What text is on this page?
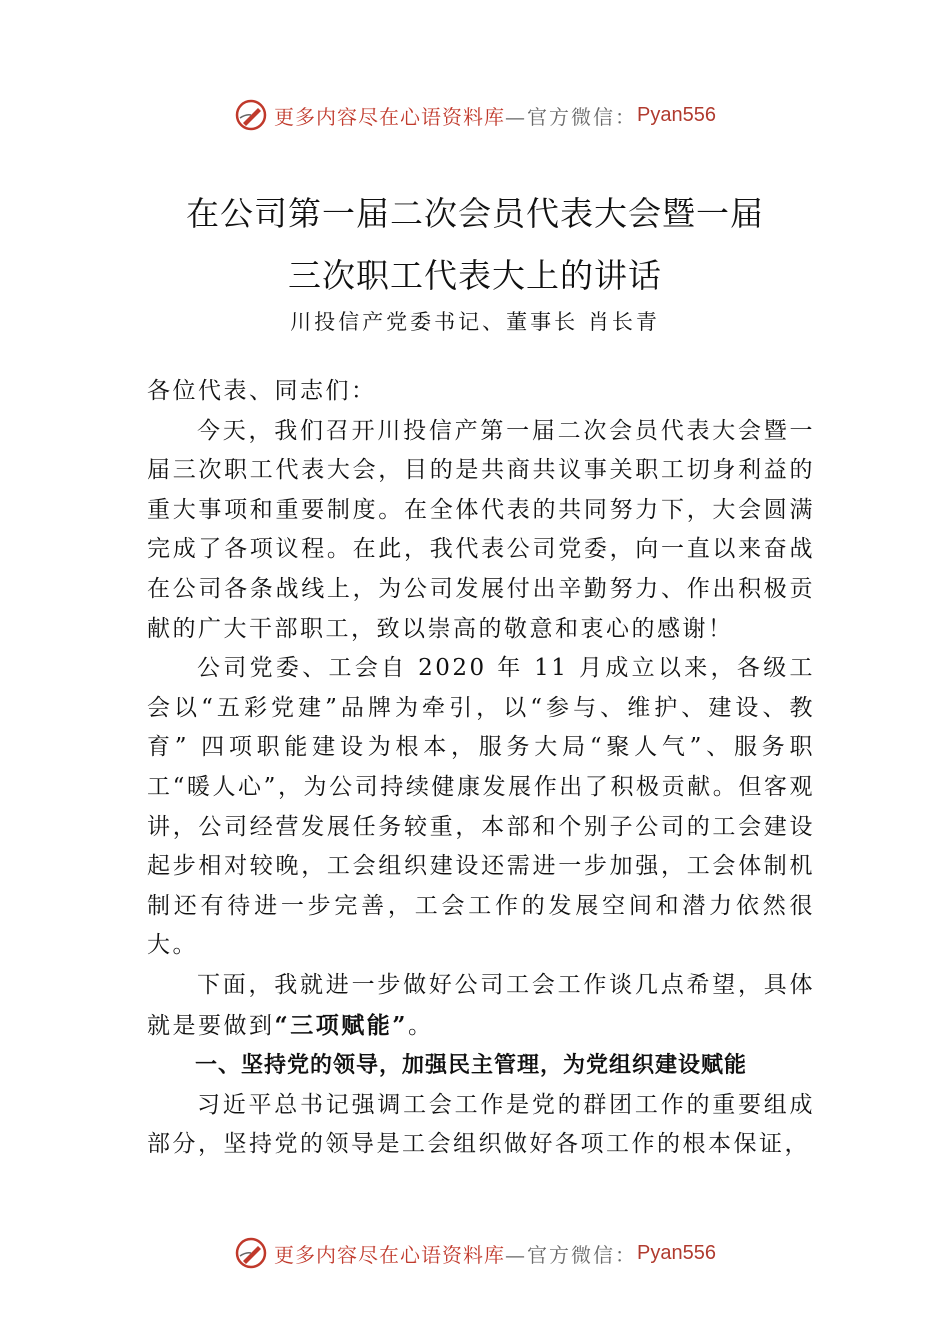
更多内容尽在心语资料库 —官方微信： Pyan556
在公司第一届二次会员代表大会暨一届
三次职工代表大上的讲话
川投信产党委书记、董事长 肖长青

各位代表、同志们：

今天，我们召开川投信产第一届二次会员代表大会暨一届三次职工代表大会，目的是共商共议事关职工切身利益的重大事项和重要制度。在全体代表的共同努力下，大会圆满完成了各项议程。在此，我代表公司党委，向一直以来奋战在公司各条战线上，为公司发展付出辛勤努力、作出积极贡献的广大干部职工，致以崇高的敬意和衷心的感谢！

公司党委、工会自 2020 年 11 月成立以来，各级工会以“五彩党建”品牌为牵引，以“参与、维护、建设、教育” 四项职能建设为根本，服务大局“聚人气”、服务职工“暖人心”，为公司持续健康发展作出了积极贡献。但客观讲，公司经营发展任务较重，本部和个别子公司的工会建设起步相对较晚，工会组织建设还需进一步加强，工会体制机制还有待进一步完善，工会工作的发展空间和潜力依然很大。

下面，我就进一步做好公司工会工作谈几点希望，具体就是要做到“三项赋能”。

一、坚持党的领导，加强民主管理，为党组织建设赋能

习近平总书记强调工会工作是党的群团工作的重要组成部分，坚持党的领导是工会组织做好各项工作的根本保证，

更多内容尽在心语资料库 —官方微信： Pyan556
